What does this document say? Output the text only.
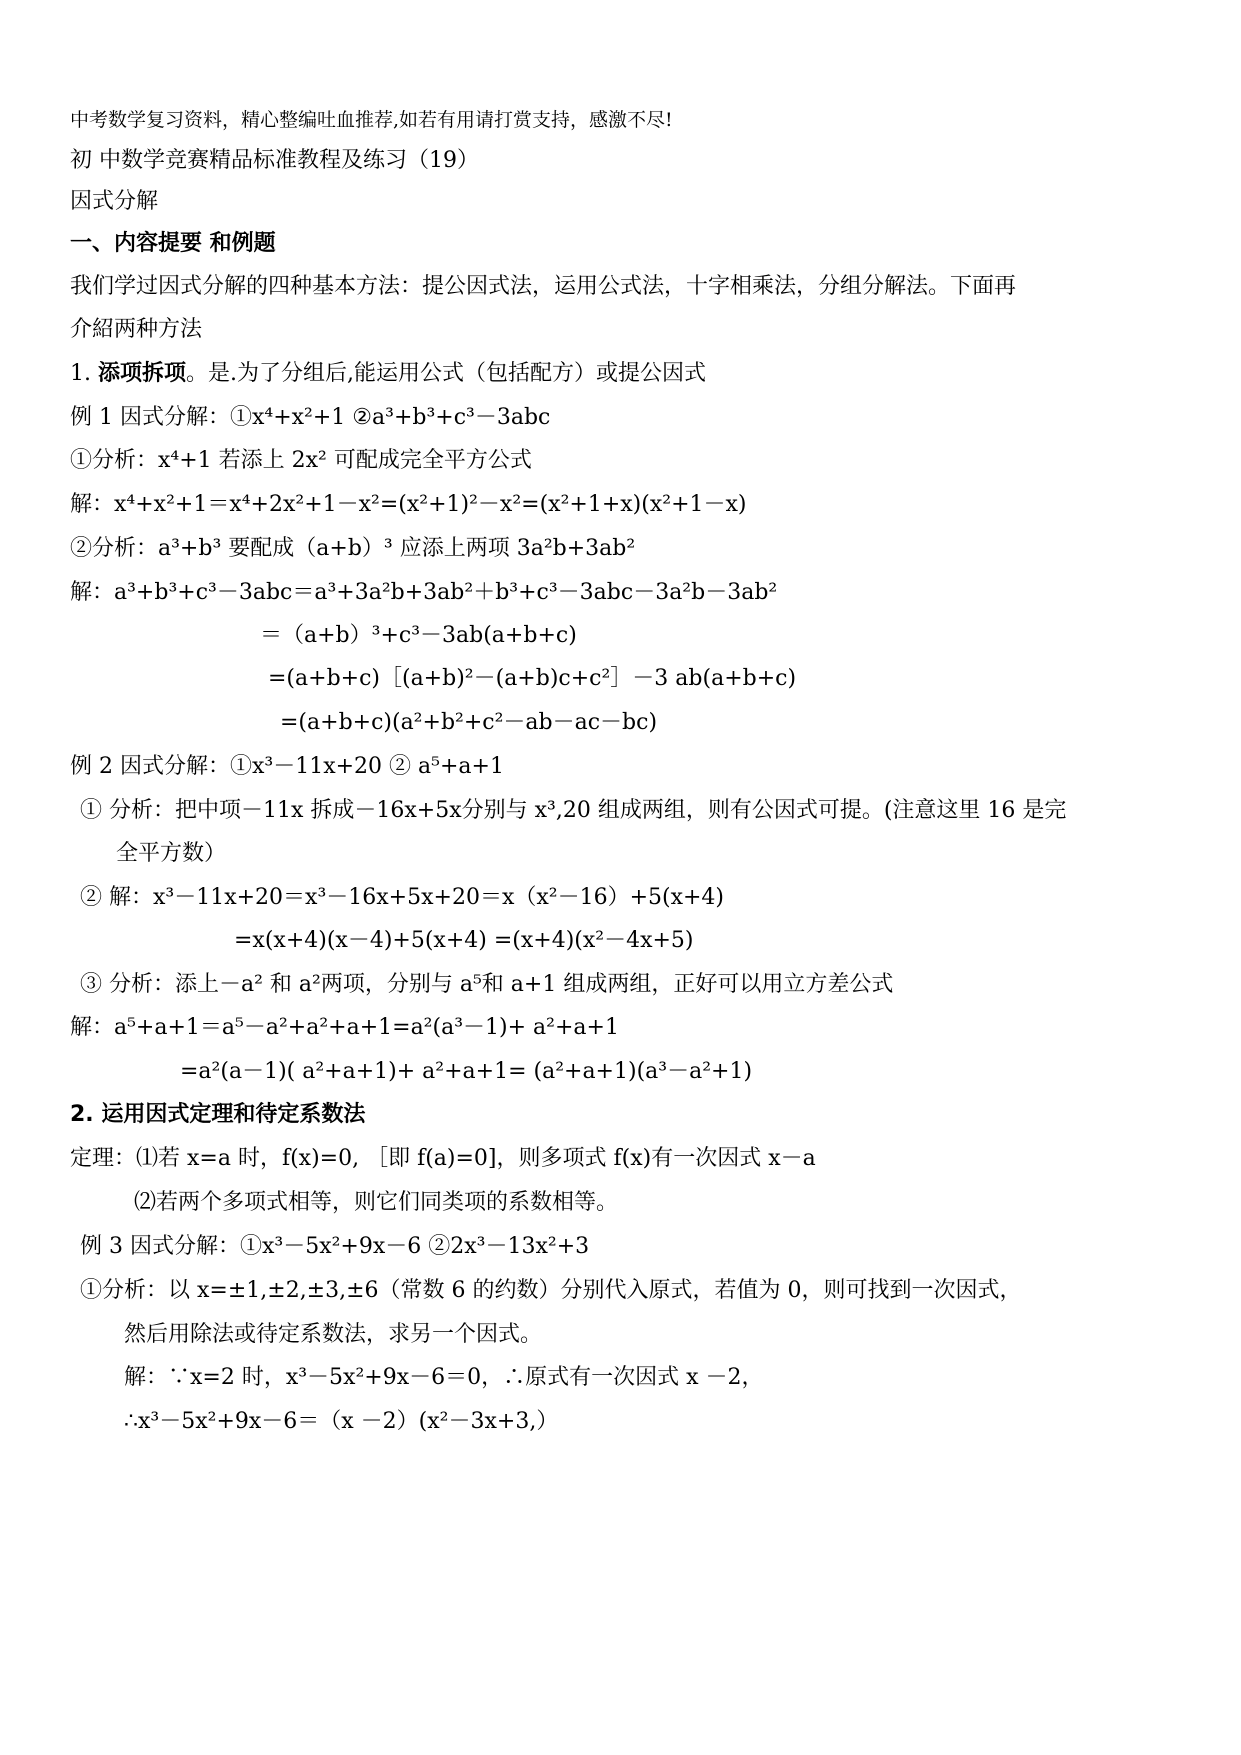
中考数学复习资料，精心整编吐血推荐,如若有用请打赏支持，感激不尽!
初 中数学竞赛精品标准教程及练习（19）
因式分解
一、内容提要 和例题
我们学过因式分解的四种基本方法：提公因式法，运用公式法，十字相乘法，分组分解法。下面再
介紹两种方法
1. 添项拆项。是.为了分组后,能运用公式（包括配方）或提公因式
例 1 因式分解：①x⁴+x²+1 ②a³+b³+c³－3abc
①分析：x⁴+1 若添上 2x² 可配成完全平方公式
解：x⁴+x²+1＝x⁴+2x²+1－x²=(x²+1)²－x²=(x²+1+x)(x²+1－x)
②分析：a³+b³ 要配成（a+b）³ 应添上两项 3a²b+3ab²
解：a³+b³+c³－3abc＝a³+3a²b+3ab²＋b³+c³－3abc－3a²b－3ab²
＝（a+b）³+c³－3ab(a+b+c)
=(a+b+c)［(a+b)²－(a+b)c+c²］－3 ab(a+b+c)
=(a+b+c)(a²+b²+c²－ab－ac－bc)
例 2 因式分解：①x³－11x+20 ② a⁵+a+1
① 分析：把中项－11x 拆成－16x+5x分别与 x³,20 组成两组，则有公因式可提。(注意这里 16 是完
全平方数）
② 解：x³－11x+20＝x³－16x+5x+20＝x（x²－16）+5(x+4)
=x(x+4)(x－4)+5(x+4) =(x+4)(x²－4x+5)
③ 分析：添上－a² 和 a²两项，分别与 a⁵和 a+1 组成两组，正好可以用立方差公式
解：a⁵+a+1＝a⁵－a²+a²+a+1=a²(a³－1)+ a²+a+1
=a²(a－1)( a²+a+1)+ a²+a+1= (a²+a+1)(a³－a²+1)
2. 运用因式定理和待定系数法
定理：⑴若 x=a 时，f(x)=0, ［即 f(a)=0]，则多项式 f(x)有一次因式 x－a
⑵若两个多项式相等，则它们同类项的系数相等。
例 3 因式分解：①x³－5x²+9x－6 ②2x³－13x²+3
①分析：以 x=±1,±2,±3,±6（常数 6 的约数）分别代入原式，若值为 0，则可找到一次因式，
然后用除法或待定系数法，求另一个因式。
解：∵x=2 时，x³－5x²+9x－6＝0，∴原式有一次因式 x －2，
∴x³－5x²+9x－6＝（x －2）(x²－3x+3,）
